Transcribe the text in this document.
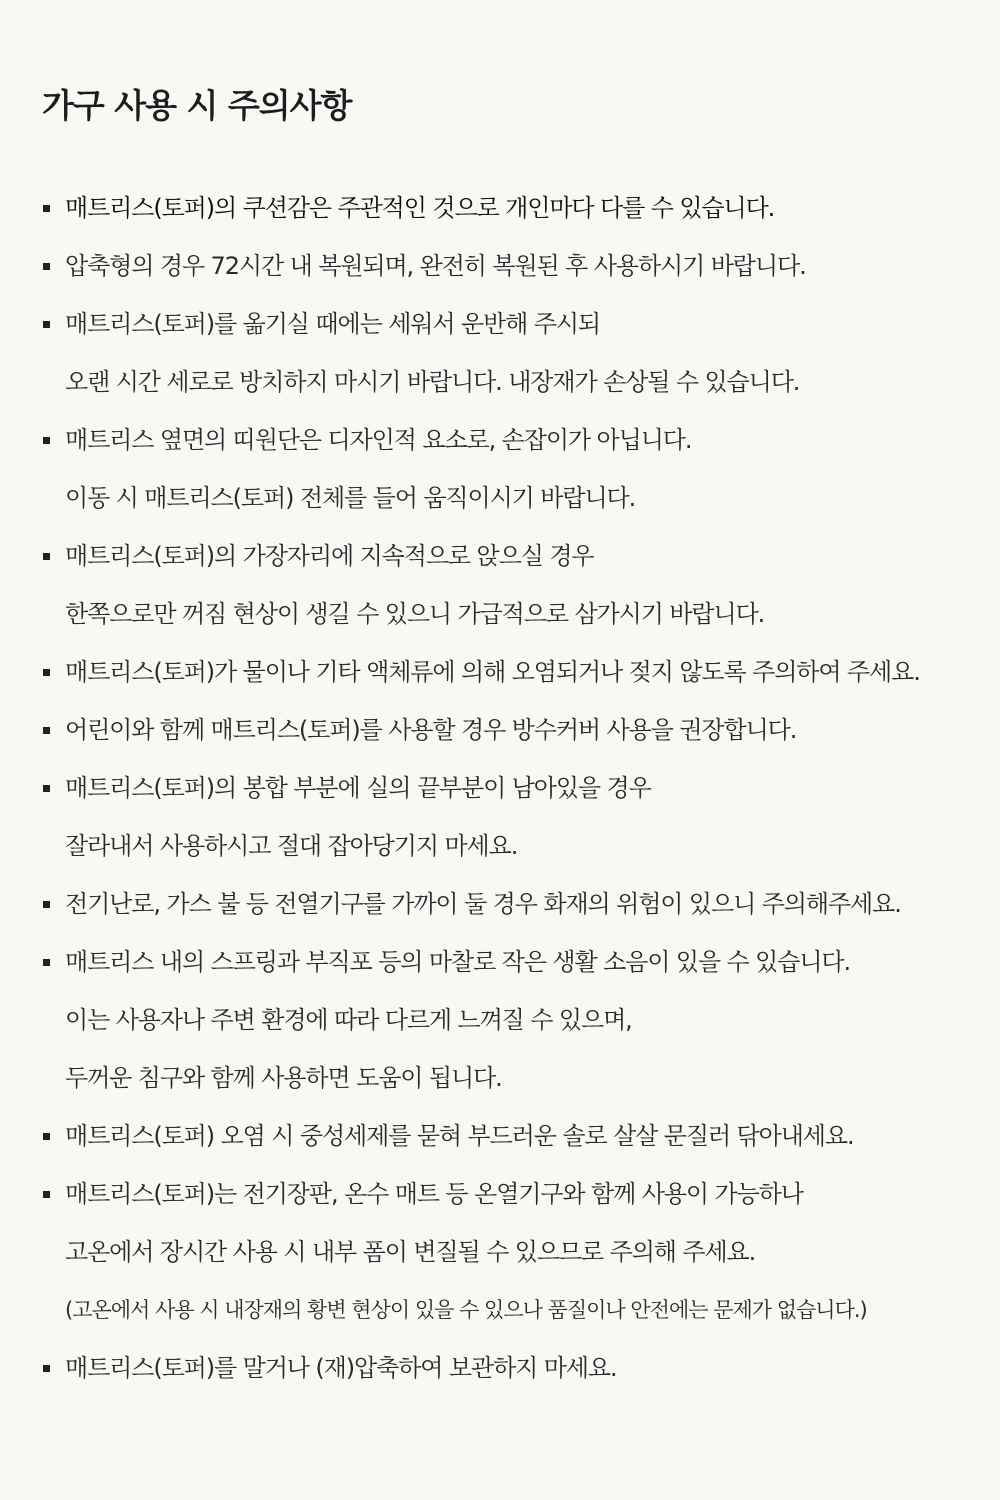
가구 사용 시 주의사항
매트리스(토퍼)의 쿠션감은 주관적인 것으로 개인마다 다를 수 있습니다.
압축형의 경우 72시간 내 복원되며, 완전히 복원된 후 사용하시기 바랍니다.
매트리스(토퍼)를 옮기실 때에는 세워서 운반해 주시되
오랜 시간 세로로 방치하지 마시기 바랍니다. 내장재가 손상될 수 있습니다.
매트리스 옆면의 띠원단은 디자인적 요소로, 손잡이가 아닙니다.
이동 시 매트리스(토퍼) 전체를 들어 움직이시기 바랍니다.
매트리스(토퍼)의 가장자리에 지속적으로 앉으실 경우
한쪽으로만 꺼짐 현상이 생길 수 있으니 가급적으로 삼가시기 바랍니다.
매트리스(토퍼)가 물이나 기타 액체류에 의해 오염되거나 젖지 않도록 주의하여 주세요.
어린이와 함께 매트리스(토퍼)를 사용할 경우 방수커버 사용을 권장합니다.
매트리스(토퍼)의 봉합 부분에 실의 끝부분이 남아있을 경우
잘라내서 사용하시고 절대 잡아당기지 마세요.
전기난로, 가스 불 등 전열기구를 가까이 둘 경우 화재의 위험이 있으니 주의해주세요.
매트리스 내의 스프링과 부직포 등의 마찰로 작은 생활 소음이 있을 수 있습니다.
이는 사용자나 주변 환경에 따라 다르게 느껴질 수 있으며,
두꺼운 침구와 함께 사용하면 도움이 됩니다.
매트리스(토퍼) 오염 시 중성세제를 묻혀 부드러운 솔로 살살 문질러 닦아내세요.
매트리스(토퍼)는 전기장판, 온수 매트 등 온열기구와 함께 사용이 가능하나
고온에서 장시간 사용 시 내부 폼이 변질될 수 있으므로 주의해 주세요.
(고온에서 사용 시 내장재의 황변 현상이 있을 수 있으나 품질이나 안전에는 문제가 없습니다.)
매트리스(토퍼)를 말거나 (재)압축하여 보관하지 마세요.
